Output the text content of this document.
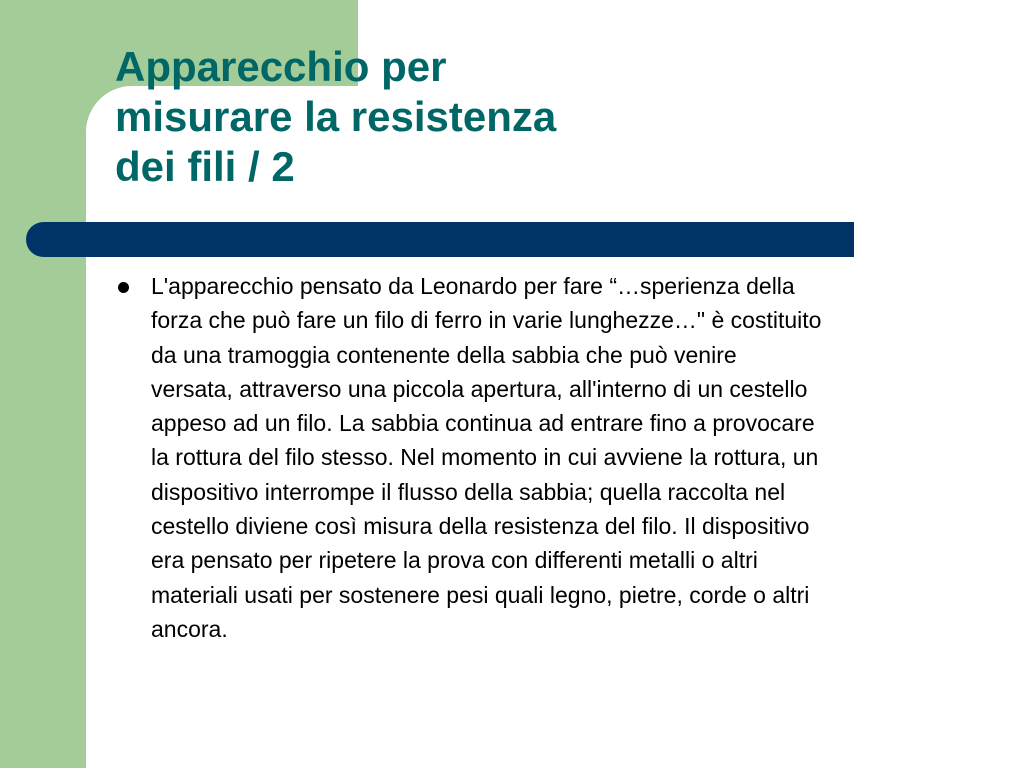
Apparecchio per
misurare la resistenza
dei fili / 2
L'apparecchio pensato da Leonardo per fare “…sperienza della
forza che può fare un filo di ferro in varie lunghezze…" è costituito
da una tramoggia contenente della sabbia che può venire
versata, attraverso una piccola apertura, all'interno di un cestello
appeso ad un filo. La sabbia continua ad entrare fino a provocare
la rottura del filo stesso. Nel momento in cui avviene la rottura, un
dispositivo interrompe il flusso della sabbia; quella raccolta nel
cestello diviene così misura della resistenza del filo. Il dispositivo
era pensato per ripetere la prova con differenti metalli o altri
materiali usati per sostenere pesi quali legno, pietre, corde o altri
ancora.
